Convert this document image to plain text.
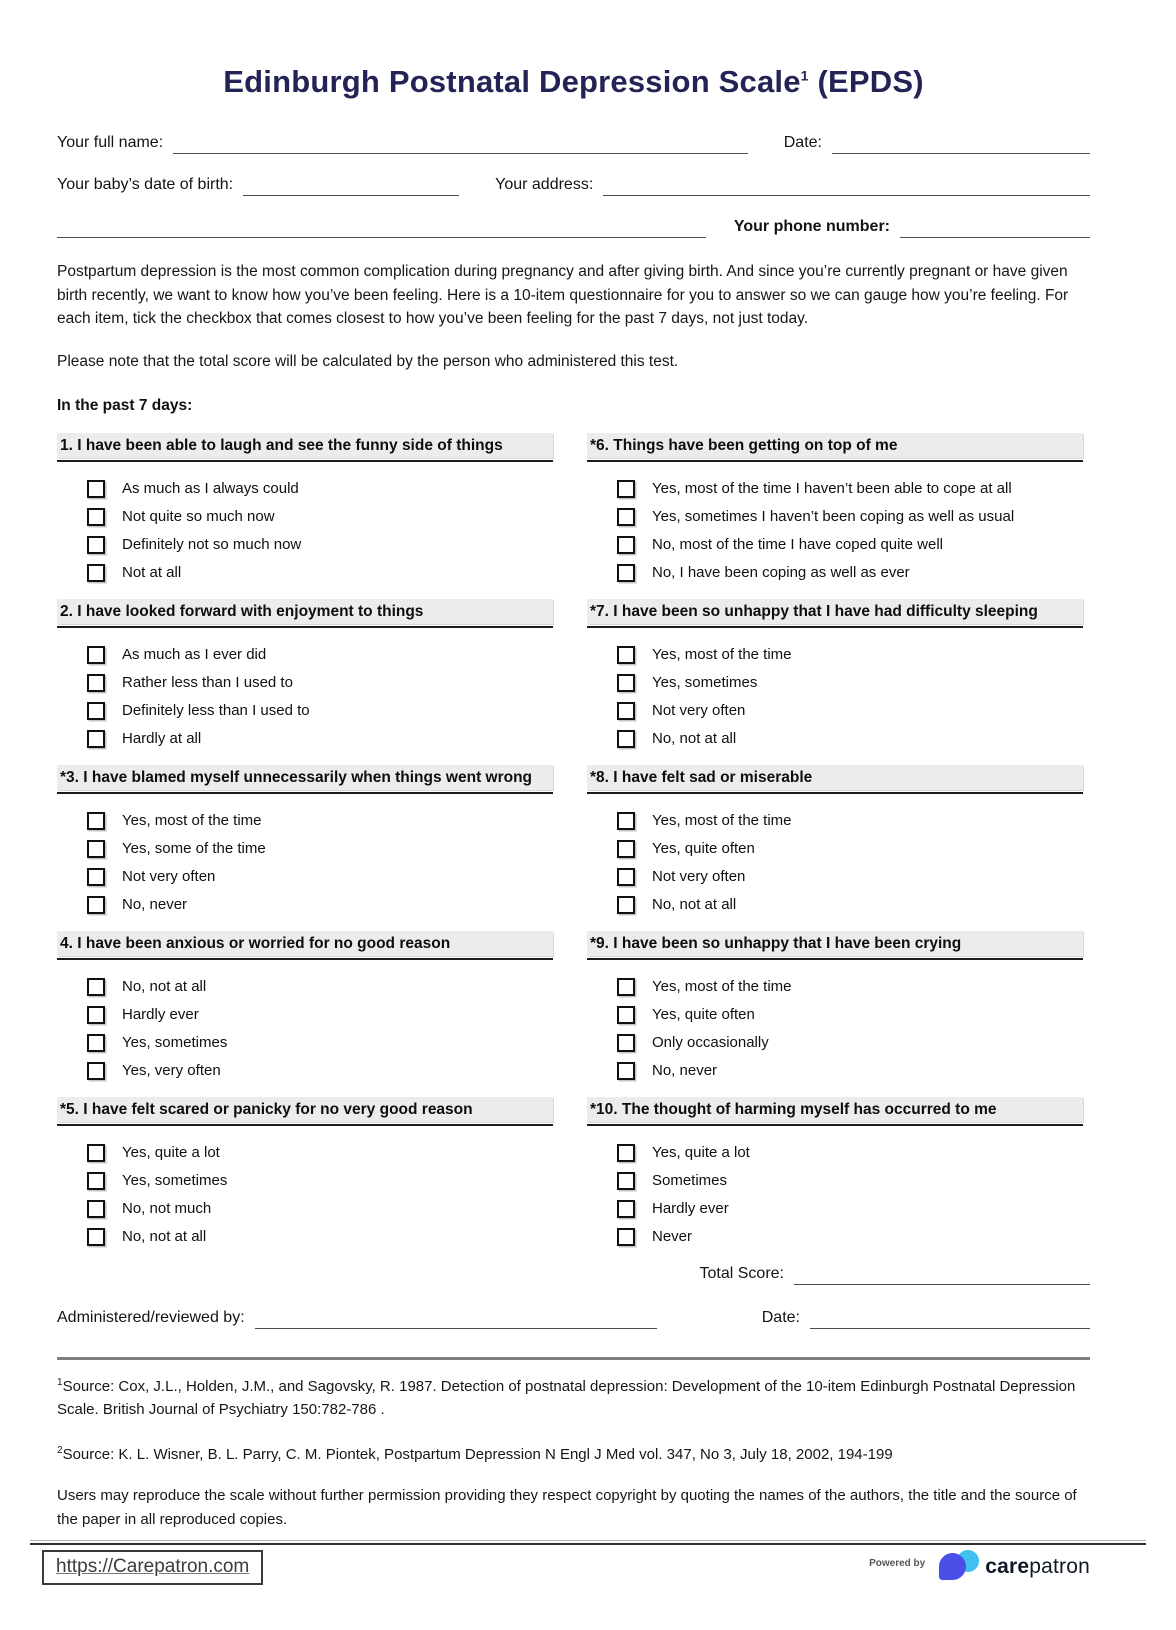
Edinburgh Postnatal Depression Scale$^1$ (EPDS)
Your full name:	Date:
Your baby’s date of birth:	Your address:
Your phone number:

Postpartum depression is the most common complication during pregnancy and after giving birth. And since you’re currently pregnant or have given birth recently, we want to know how you’ve been feeling. Here is a 10-item questionnaire for you to answer so we can gauge how you’re feeling. For each item, tick the checkbox that comes closest to how you’ve been feeling for the past 7 days, not just today.

Please note that the total score will be calculated by the person who administered this test.

In the past 7 days:

1. I have been able to laugh and see the funny side of things
As much as I always could
Not quite so much now
Definitely not so much now
Not at all
2. I have looked forward with enjoyment to things
As much as I ever did
Rather less than I used to
Definitely less than I used to
Hardly at all
*3. I have blamed myself unnecessarily when things went wrong
Yes, most of the time
Yes, some of the time
Not very often
No, never
4. I have been anxious or worried for no good reason
No, not at all
Hardly ever
Yes, sometimes
Yes, very often
*5. I have felt scared or panicky for no very good reason
Yes, quite a lot
Yes, sometimes
No, not much
No, not at all
*6. Things have been getting on top of me
Yes, most of the time I haven’t been able to cope at all
Yes, sometimes I haven’t been coping as well as usual
No, most of the time I have coped quite well
No, I have been coping as well as ever
*7. I have been so unhappy that I have had difficulty sleeping
Yes, most of the time
Yes, sometimes
Not very often
No, not at all
*8. I have felt sad or miserable
Yes, most of the time
Yes, quite often
Not very often
No, not at all
*9. I have been so unhappy that I have been crying
Yes, most of the time
Yes, quite often
Only occasionally
No, never
*10. The thought of harming myself has occurred to me
Yes, quite a lot
Sometimes
Hardly ever
Never
Total Score:
Administered/reviewed by:	Date:

$^1$Source: Cox, J.L., Holden, J.M., and Sagovsky, R. 1987. Detection of postnatal depression: Development of the 10-item Edinburgh Postnatal Depression Scale. British Journal of Psychiatry 150:782-786 .

$^2$Source: K. L. Wisner, B. L. Parry, C. M. Piontek, Postpartum Depression N Engl J Med vol. 347, No 3, July 18, 2002, 194-199

Users may reproduce the scale without further permission providing they respect copyright by quoting the names of the authors, the title and the source of the paper in all reproduced copies.

https://Carepatron.com	Powered by	carepatron
